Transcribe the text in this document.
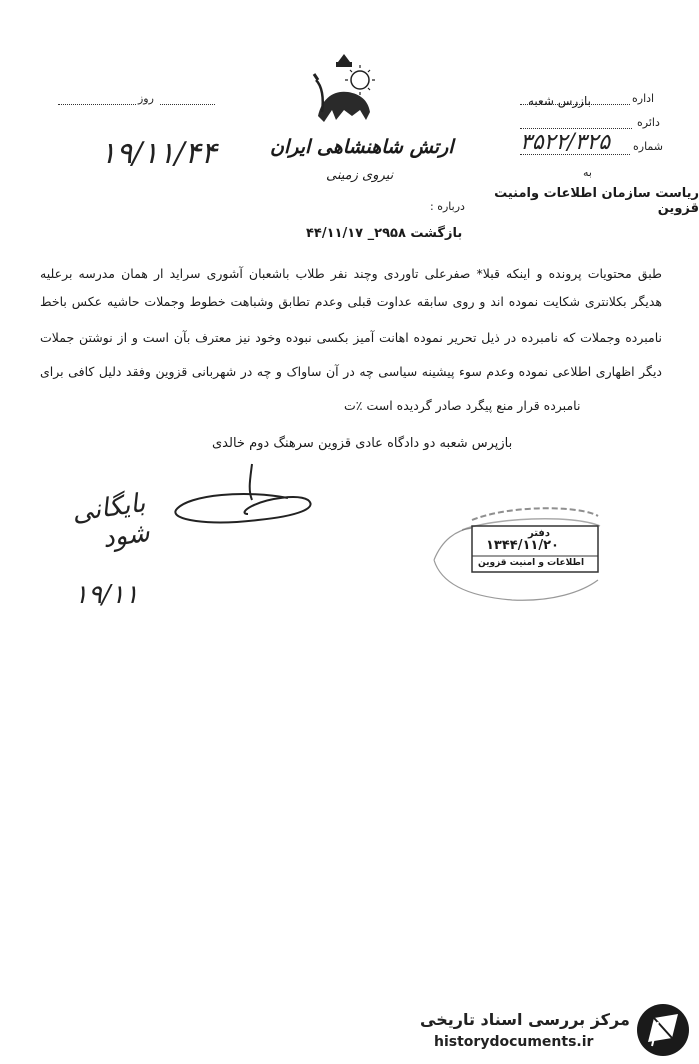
روز
۱۹/۱۱/۴۴	ارتش شاهنشاهی ایران
نیروی زمینی
اداره
بازرس شعبه
دائره
شماره
۳۵۲۲/۳۲۵
به
ریاست سازمان اطلاعات وامنیت قزوین
درباره :
بازگشت ۲۹۵۸_ ۴۴/۱۱/۱۷
طبق محتویات پرونده و اینکه قبلا* صفرعلی تاوردی وچند نفر طلاب باشعبان آشوری سراید ار همان مدرسه برعلیه
هدیگر بکلانتری شکایت نموده اند و روی سابقه عداوت قبلی وعدم تطابق وشباهت خطوط وجملات حاشیه عکس باخط
نامبرده وجملات که نامبرده در ذیل تحریر نموده اهانت آمیز بکسی نبوده وخود نیز معترف بآن است و از نوشتن جملات
دیگر اظهاری اطلاعی نموده وعدم سوء پیشینه سیاسی چه در آن ساواک و چه در شهربانی قزوین وفقد دلیل کافی برای
نامبرده قرار منع پیگرد صادر گردیده است ٪ت
بازپرس شعبه دو دادگاه عادی قزوین سرهنگ دوم خالدی
دفتر
۱۳۴۴/۱۱/۲۰
اطلاعات و امنیت قزوین
بایگانی شود
۱۹/۱۱
مرکز بررسی اسناد تاریخی
historydocuments.ir
